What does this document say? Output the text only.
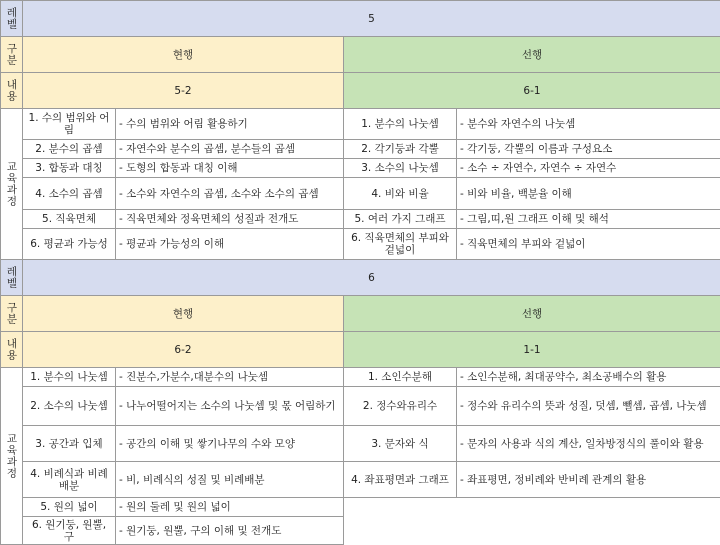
레벨	5			
구분	현행		선행	
내용	5-2		6-1	
교육과정	1. 수의 범위와 어림	- 수의 범위와 어림 활용하기	1. 분수의 나눗셈	- 분수와 자연수의 나눗셈
	2. 분수의 곱셈	- 자연수와 분수의 곱셈, 분수들의 곱셈	2. 각기둥과 각뿔	- 각기둥, 각뿔의 이름과 구성요소
	3. 합동과 대칭	- 도형의 합동과 대칭 이해	3. 소수의 나눗셈	- 소수 ÷ 자연수, 자연수 ÷ 자연수
	4. 소수의 곱셈	- 소수와 자연수의 곱셈, 소수와 소수의 곱셈	4. 비와 비율	- 비와 비율, 백분율 이해
	5. 직육면체	- 직육면체와 정육면체의 성질과 전개도	5. 여러 가지 그래프	- 그림,띠,원 그래프 이해 및 해석
	6. 평균과 가능성	- 평균과 가능성의 이해	6. 직육면체의 부피와 겉넓이	- 직육면체의 부피와 겉넓이
레벨	6			
구분	현행		선행	
내용	6-2		1-1	
교육과정	1. 분수의 나눗셈	- 진분수,가분수,대분수의 나눗셈	1. 소인수분해	- 소인수분해, 최대공약수, 최소공배수의 활용
	2. 소수의 나눗셈	- 나누어떨어지는 소수의 나눗셈 및 몫 어림하기	2. 정수와유리수	- 정수와 유리수의 뜻과 성질, 덧셈, 뺄셈, 곱셈, 나눗셈
	3. 공간과 입체	- 공간의 이해 및 쌓기나무의 수와 모양	3. 문자와 식	- 문자의 사용과 식의 계산, 일차방정식의 풀이와 활용
	4. 비례식과 비례배분	- 비, 비례식의 성질 및 비례배분	4. 좌표평면과 그래프	- 좌표평면, 정비례와 반비례 관계의 활용
	5. 원의 넓이	- 원의 둘레 및 원의 넓이		
	6. 원기둥, 원뿔, 구	- 원기둥, 원뿔, 구의 이해 및 전개도		
